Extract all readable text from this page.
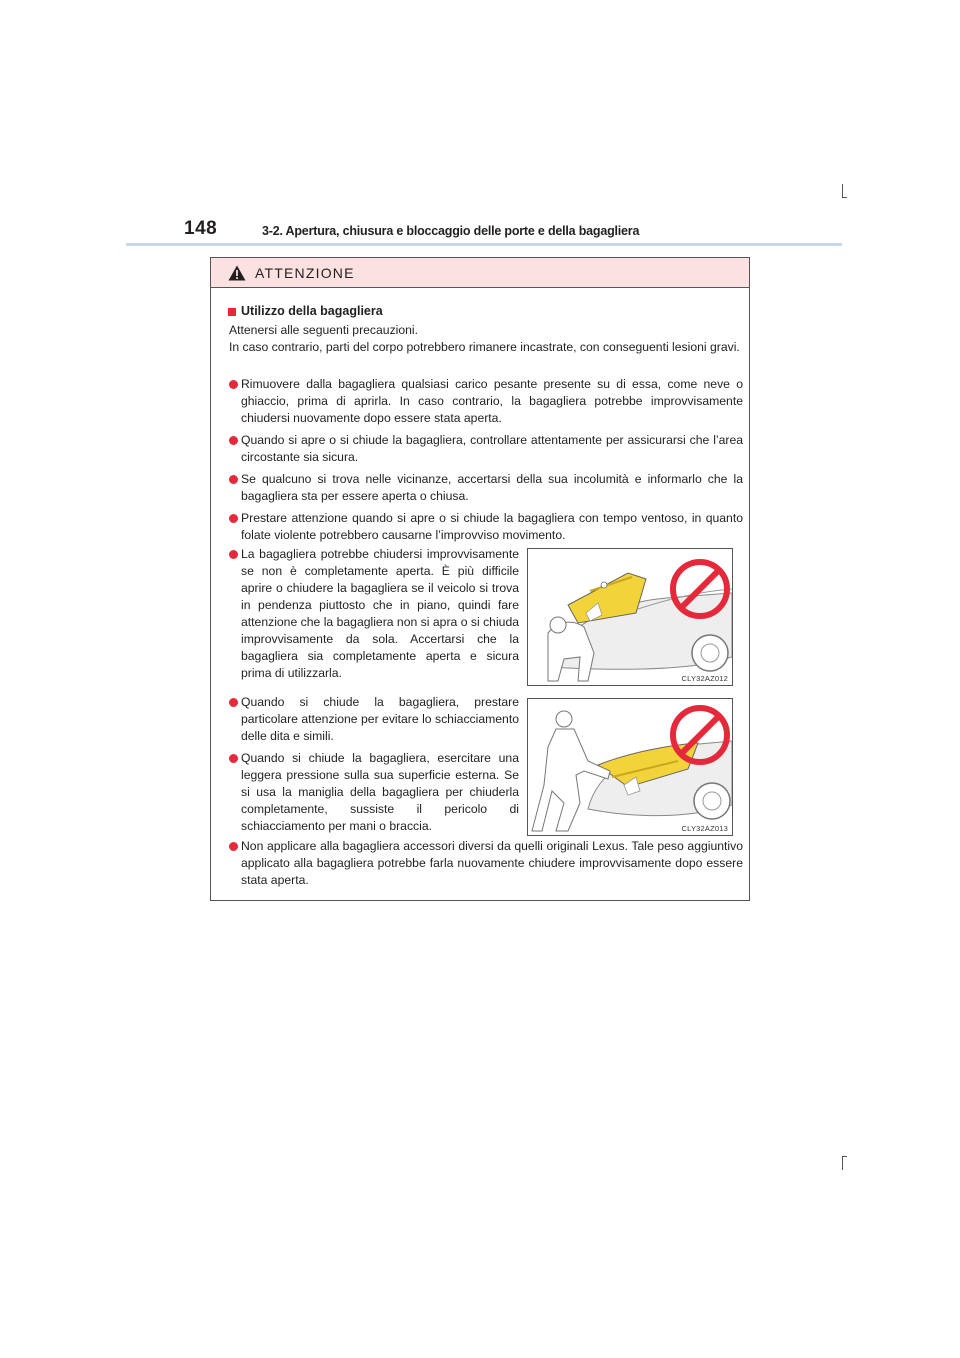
148	3-2. Apertura, chiusura e bloccaggio delle porte e della bagagliera
ATTENZIONE
Utilizzo della bagagliera

Attenersi alle seguenti precauzioni.

In caso contrario, parti del corpo potrebbero rimanere incastrate, con conseguenti lesioni gravi.

Rimuovere dalla bagagliera qualsiasi carico pesante presente su di essa, come neve o ghiaccio, prima di aprirla. In caso contrario, la bagagliera potrebbe improvvisamente chiudersi nuovamente dopo essere stata aperta.
Quando si apre o si chiude la bagagliera, controllare attentamente per assicurarsi che l’area circostante sia sicura.
Se qualcuno si trova nelle vicinanze, accertarsi della sua incolumità e informarlo che la bagagliera sta per essere aperta o chiusa.
Prestare attenzione quando si apre o si chiude la bagagliera con tempo ventoso, in quanto folate violente potrebbero causarne l’improvviso movimento.
La bagagliera potrebbe chiudersi improvvisamente se non è completamente aperta. È più difficile aprire o chiudere la bagagliera se il veicolo si trova in pendenza piuttosto che in piano, quindi fare attenzione che la bagagliera non si apra o si chiuda improvvisamente da sola. Accertarsi che la bagagliera sia completamente aperta e sicura prima di utilizzarla.	CLY32AZ012
Quando si chiude la bagagliera, prestare particolare attenzione per evitare lo schiacciamento delle dita e simili.
Quando si chiude la bagagliera, esercitare una leggera pressione sulla sua superficie esterna. Se si usa la maniglia della bagagliera per chiuderla completamente, sussiste il pericolo di schiacciamento per mani o braccia.	CLY32AZ013
Non applicare alla bagagliera accessori diversi da quelli originali Lexus. Tale peso aggiuntivo applicato alla bagagliera potrebbe farla nuovamente chiudere improvvisamente dopo essere stata aperta.
